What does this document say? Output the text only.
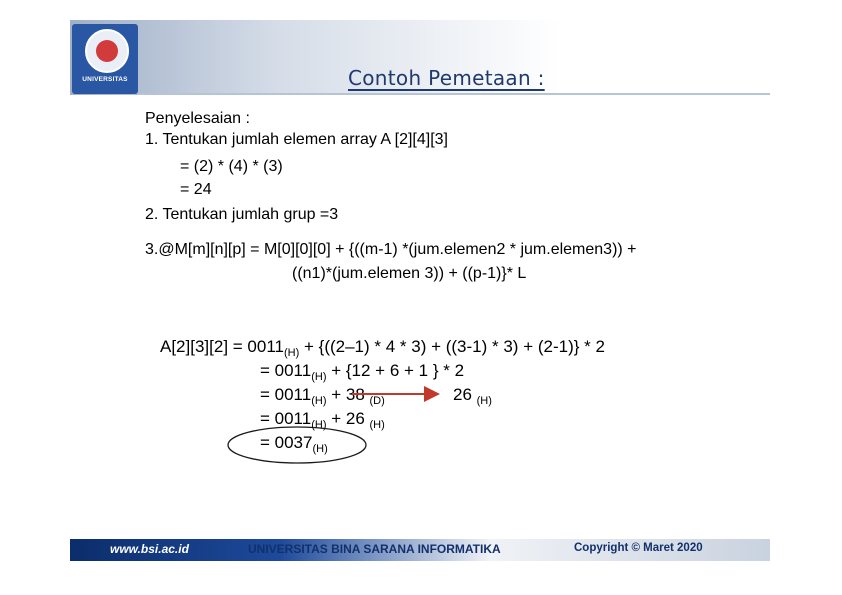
UNIVERSITAS	Contoh Pemetaan :
Penyelesaian :
1. Tentukan jumlah elemen array A [2][4][3]
= (2) * (4) * (3)
= 24
2. Tentukan jumlah grup =3
3.@M[m][n][p] = M[0][0][0] + {((m-1) *(jum.elemen2 * jum.elemen3)) +
((n1)*(jum.elemen 3)) + ((p-1)}* L
$A[2][3][2] = 0011_{(H)} + \{((2-1) * 4 * 3) + ((3-1) * 3) + (2-1)\} * 2$
= $0011_{(H)} + \{12 + 6 + 1$ } * 2
= $0011_{(H)} + 38$ $_{(D)}$	26 $_{(H)}$
= $0011_{(H)} + 26$ $_{(H)}$
= $0037_{(H)}$
www.bsi.ac.id	UNIVERSITAS BINA SARANA INFORMATIKA	Copyright © Maret 2020
